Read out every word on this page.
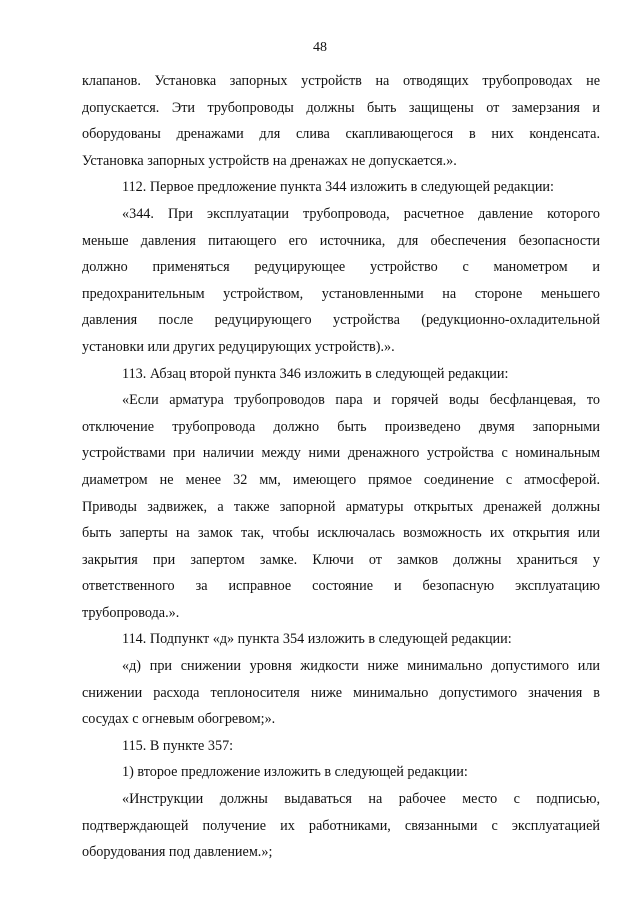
48

клапанов. Установка запорных устройств на отводящих трубопроводах не

допускается. Эти трубопроводы должны быть защищены от замерзания и

оборудованы дренажами для слива скапливающегося в них конденсата.

Установка запорных устройств на дренажах не допускается.».

112. Первое предложение пункта 344 изложить в следующей редакции:

«344. При эксплуатации трубопровода, расчетное давление которого

меньше давления питающего его источника, для обеспечения безопасности

должно применяться редуцирующее устройство с манометром и

предохранительным устройством, установленными на стороне меньшего

давления после редуцирующего устройства (редукционно-охладительной

установки или других редуцирующих устройств).».

113. Абзац второй пункта 346 изложить в следующей редакции:

«Если арматура трубопроводов пара и горячей воды бесфланцевая, то

отключение трубопровода должно быть произведено двумя запорными

устройствами при наличии между ними дренажного устройства с номинальным

диаметром не менее 32 мм, имеющего прямое соединение с атмосферой.

Приводы задвижек, а также запорной арматуры открытых дренажей должны

быть заперты на замок так, чтобы исключалась возможность их открытия или

закрытия при запертом замке. Ключи от замков должны храниться у

ответственного за исправное состояние и безопасную эксплуатацию

трубопровода.».

114. Подпункт «д» пункта 354 изложить в следующей редакции:

«д) при снижении уровня жидкости ниже минимально допустимого или

снижении расхода теплоносителя ниже минимально допустимого значения в

сосудах с огневым обогревом;».

115. В пункте 357:

1) второе предложение изложить в следующей редакции:

«Инструкции должны выдаваться на рабочее место с подписью,

подтверждающей получение их работниками, связанными с эксплуатацией

оборудования под давлением.»;
